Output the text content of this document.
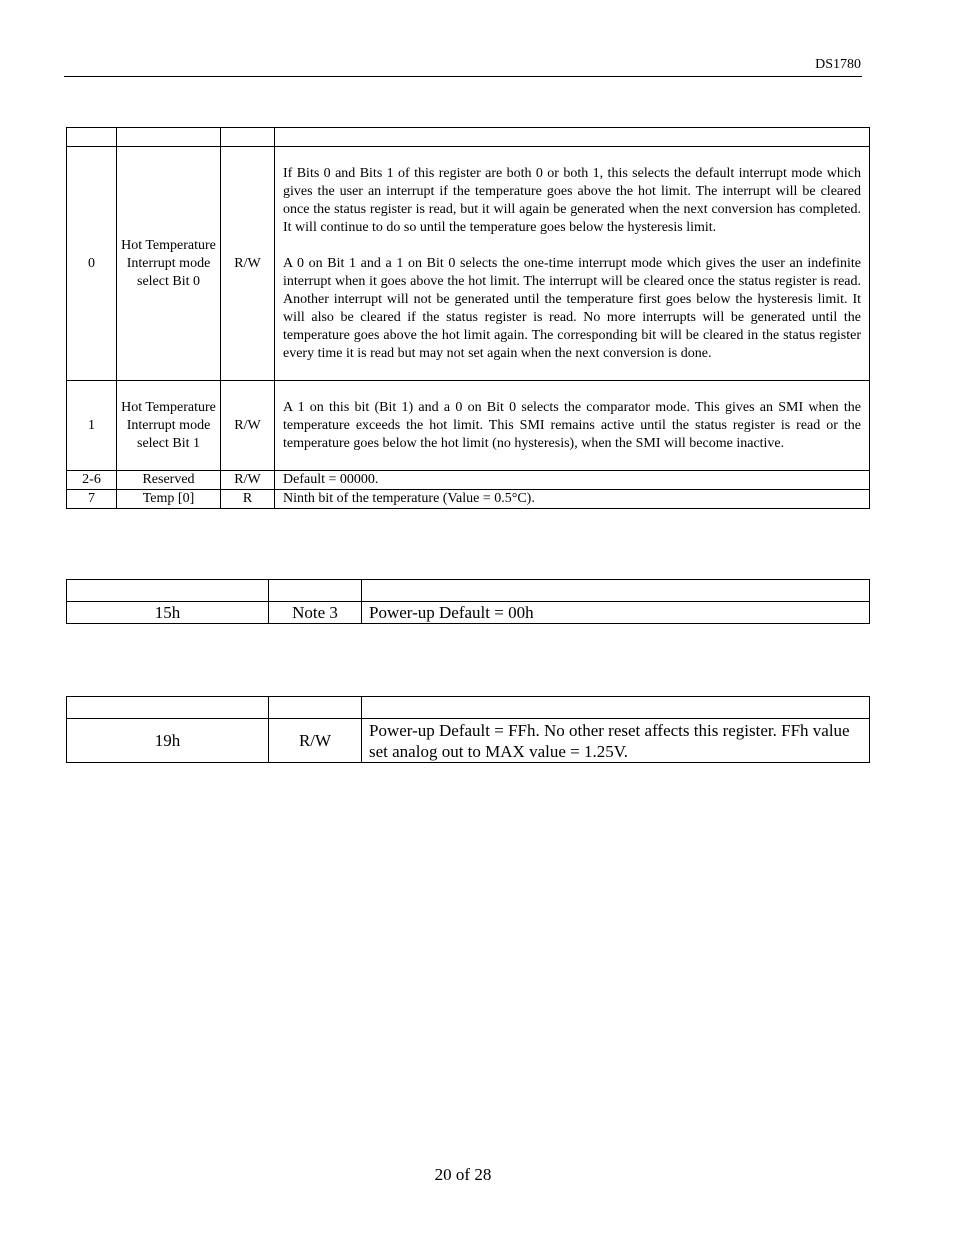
DS1780

0	Hot Temperature Interrupt mode select Bit 0	R/W	If Bits 0 and Bits 1 of this register are both 0 or both 1, this selects the default interrupt mode which gives the user an interrupt if the temperature goes above the hot limit. The interrupt will be cleared once the status register is read, but it will again be generated when the next conversion has completed. It will continue to do so until the temperature goes below the hysteresis limit.

A 0 on Bit 1 and a 1 on Bit 0 selects the one-time interrupt mode which gives the user an indefinite interrupt when it goes above the hot limit. The interrupt will be cleared once the status register is read. Another interrupt will not be generated until the temperature first goes below the hysteresis limit. It will also be cleared if the status register is read. No more interrupts will be generated until the temperature goes above the hot limit again. The corresponding bit will be cleared in the status register every time it is read but may not set again when the next conversion is done.

1	Hot Temperature Interrupt mode select Bit 1	R/W	A 1 on this bit (Bit 1) and a 0 on Bit 0 selects the comparator mode. This gives an SMI when the temperature exceeds the hot limit. This SMI remains active until the status register is read or the temperature goes below the hot limit (no hysteresis), when the SMI will become inactive.
2-6	Reserved	R/W	Default = 00000.
7	Temp [0]	R	Ninth bit of the temperature (Value = 0.5°C).

15h	Note 3	Power-up Default = 00h

19h	R/W	Power-up Default = FFh. No other reset affects this register. FFh value set analog out to MAX value = 1.25V.
20 of 28
